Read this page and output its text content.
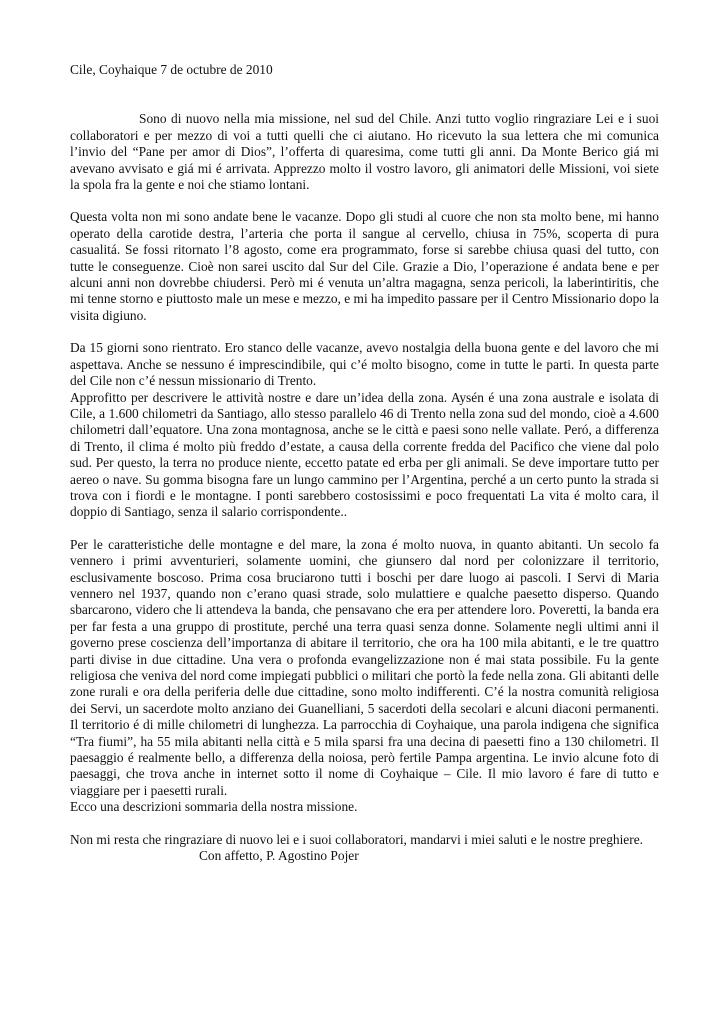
Cile, Coyhaique 7 de octubre de 2010

Sono di nuovo nella mia missione, nel sud del Chile. Anzi tutto voglio ringraziare Lei e i suoi collaboratori e per mezzo di voi a tutti quelli che ci aiutano. Ho ricevuto la sua lettera che mi comunica l’invio del “Pane per amor di Dios”, l’offerta di quaresima, come tutti gli anni. Da Monte Berico giá mi avevano avvisato e giá mi é arrivata. Apprezzo molto il vostro lavoro, gli animatori delle Missioni, voi siete la spola fra la gente e noi che stiamo lontani.

Questa volta non mi sono andate bene le vacanze. Dopo gli studi al cuore che non sta molto bene, mi hanno operato della carotide destra, l’arteria che porta il sangue al cervello, chiusa in 75%, scoperta di pura casualitá. Se fossi ritornato l’8 agosto, come era programmato, forse si sarebbe chiusa quasi del tutto, con tutte le conseguenze. Cioè non sarei uscito dal Sur del Cile. Grazie a Dio, l’operazione é andata bene e per alcuni anni non dovrebbe chiudersi. Però mi é venuta un’altra magagna, senza pericoli, la laberintiritis, che mi tenne storno e piuttosto male un mese e mezzo, e mi ha impedito passare per il Centro Missionario dopo la visita digiuno.

Da 15 giorni sono rientrato. Ero stanco delle vacanze, avevo nostalgia della buona gente e del lavoro che mi aspettava. Anche se nessuno é imprescindibile, qui c’é molto bisogno, come in tutte le parti. In questa parte del Cile non c’é nessun missionario di Trento.

Approfitto per descrivere le attività nostre e dare un’idea della zona. Aysén é una zona australe e isolata di Cile, a 1.600 chilometri da Santiago, allo stesso parallelo 46 di Trento nella zona sud del mondo, cioè a 4.600 chilometri dall’equatore. Una zona montagnosa, anche se le città e paesi sono nelle vallate. Peró, a differenza di Trento, il clima é molto più freddo d’estate, a causa della corrente fredda del Pacifico che viene dal polo sud. Per questo, la terra no produce niente, eccetto patate ed erba per gli animali. Se deve importare tutto per aereo o nave. Su gomma bisogna fare un lungo cammino per l’Argentina, perché a un certo punto la strada si trova con i fiordi e le montagne. I ponti sarebbero costosissimi e poco frequentati La vita é molto cara, il doppio di Santiago, senza il salario corrispondente..

Per le caratteristiche delle montagne e del mare, la zona é molto nuova, in quanto abitanti. Un secolo fa vennero i primi avventurieri, solamente uomini, che giunsero dal nord per colonizzare il territorio, esclusivamente boscoso. Prima cosa bruciarono tutti i boschi per dare luogo ai pascoli. I Servi di Maria vennero nel 1937, quando non c’erano quasi strade, solo mulattiere e qualche paesetto disperso. Quando sbarcarono, videro che li attendeva la banda, che pensavano che era per attendere loro. Poveretti, la banda era per far festa a una gruppo di prostitute, perché una terra quasi senza donne. Solamente negli ultimi anni il governo prese coscienza dell’importanza di abitare il territorio, che ora ha 100 mila abitanti, e le tre quattro parti divise in due cittadine. Una vera o profonda evangelizzazione non é mai stata possibile. Fu la gente religiosa che veniva del nord come impiegati pubblici o militari che portò la fede nella zona. Gli abitanti delle zone rurali e ora della periferia delle due cittadine, sono molto indifferenti. C’é la nostra comunità religiosa dei Servi, un sacerdote molto anziano dei Guanelliani, 5 sacerdoti della secolari e alcuni diaconi permanenti. Il territorio é di mille chilometri di lunghezza. La parrocchia di Coyhaique, una parola indigena che significa “Tra fiumi”, ha 55 mila abitanti nella città e 5 mila sparsi fra una decina di paesetti fino a 130 chilometri. Il paesaggio é realmente bello, a differenza della noiosa, però fertile Pampa argentina. Le invio alcune foto di paesaggi, che trova anche in internet sotto il nome di Coyhaique – Cile. Il mio lavoro é fare di tutto e viaggiare per i paesetti rurali.

Ecco una descrizioni sommaria della nostra missione.

Non mi resta che ringraziare di nuovo lei e i suoi collaboratori, mandarvi i miei saluti e le nostre preghiere.

Con affetto, P. Agostino Pojer
